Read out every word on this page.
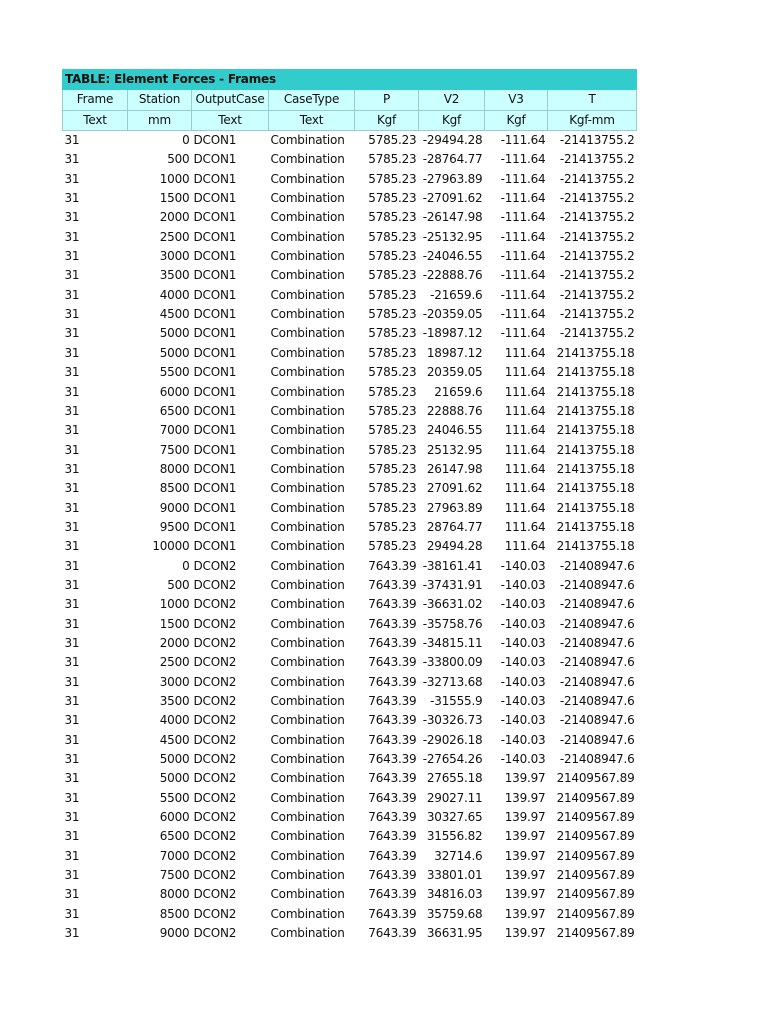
TABLE: Element Forces - Frames							
Frame	Station	OutputCase	CaseType	P	V2	V3	T
Text	mm	Text	Text	Kgf	Kgf	Kgf	Kgf-mm
31	0	DCON1	Combination	5785.23	-29494.28	-111.64	-21413755.2
31	500	DCON1	Combination	5785.23	-28764.77	-111.64	-21413755.2
31	1000	DCON1	Combination	5785.23	-27963.89	-111.64	-21413755.2
31	1500	DCON1	Combination	5785.23	-27091.62	-111.64	-21413755.2
31	2000	DCON1	Combination	5785.23	-26147.98	-111.64	-21413755.2
31	2500	DCON1	Combination	5785.23	-25132.95	-111.64	-21413755.2
31	3000	DCON1	Combination	5785.23	-24046.55	-111.64	-21413755.2
31	3500	DCON1	Combination	5785.23	-22888.76	-111.64	-21413755.2
31	4000	DCON1	Combination	5785.23	-21659.6	-111.64	-21413755.2
31	4500	DCON1	Combination	5785.23	-20359.05	-111.64	-21413755.2
31	5000	DCON1	Combination	5785.23	-18987.12	-111.64	-21413755.2
31	5000	DCON1	Combination	5785.23	18987.12	111.64	21413755.18
31	5500	DCON1	Combination	5785.23	20359.05	111.64	21413755.18
31	6000	DCON1	Combination	5785.23	21659.6	111.64	21413755.18
31	6500	DCON1	Combination	5785.23	22888.76	111.64	21413755.18
31	7000	DCON1	Combination	5785.23	24046.55	111.64	21413755.18
31	7500	DCON1	Combination	5785.23	25132.95	111.64	21413755.18
31	8000	DCON1	Combination	5785.23	26147.98	111.64	21413755.18
31	8500	DCON1	Combination	5785.23	27091.62	111.64	21413755.18
31	9000	DCON1	Combination	5785.23	27963.89	111.64	21413755.18
31	9500	DCON1	Combination	5785.23	28764.77	111.64	21413755.18
31	10000	DCON1	Combination	5785.23	29494.28	111.64	21413755.18
31	0	DCON2	Combination	7643.39	-38161.41	-140.03	-21408947.6
31	500	DCON2	Combination	7643.39	-37431.91	-140.03	-21408947.6
31	1000	DCON2	Combination	7643.39	-36631.02	-140.03	-21408947.6
31	1500	DCON2	Combination	7643.39	-35758.76	-140.03	-21408947.6
31	2000	DCON2	Combination	7643.39	-34815.11	-140.03	-21408947.6
31	2500	DCON2	Combination	7643.39	-33800.09	-140.03	-21408947.6
31	3000	DCON2	Combination	7643.39	-32713.68	-140.03	-21408947.6
31	3500	DCON2	Combination	7643.39	-31555.9	-140.03	-21408947.6
31	4000	DCON2	Combination	7643.39	-30326.73	-140.03	-21408947.6
31	4500	DCON2	Combination	7643.39	-29026.18	-140.03	-21408947.6
31	5000	DCON2	Combination	7643.39	-27654.26	-140.03	-21408947.6
31	5000	DCON2	Combination	7643.39	27655.18	139.97	21409567.89
31	5500	DCON2	Combination	7643.39	29027.11	139.97	21409567.89
31	6000	DCON2	Combination	7643.39	30327.65	139.97	21409567.89
31	6500	DCON2	Combination	7643.39	31556.82	139.97	21409567.89
31	7000	DCON2	Combination	7643.39	32714.6	139.97	21409567.89
31	7500	DCON2	Combination	7643.39	33801.01	139.97	21409567.89
31	8000	DCON2	Combination	7643.39	34816.03	139.97	21409567.89
31	8500	DCON2	Combination	7643.39	35759.68	139.97	21409567.89
31	9000	DCON2	Combination	7643.39	36631.95	139.97	21409567.89
